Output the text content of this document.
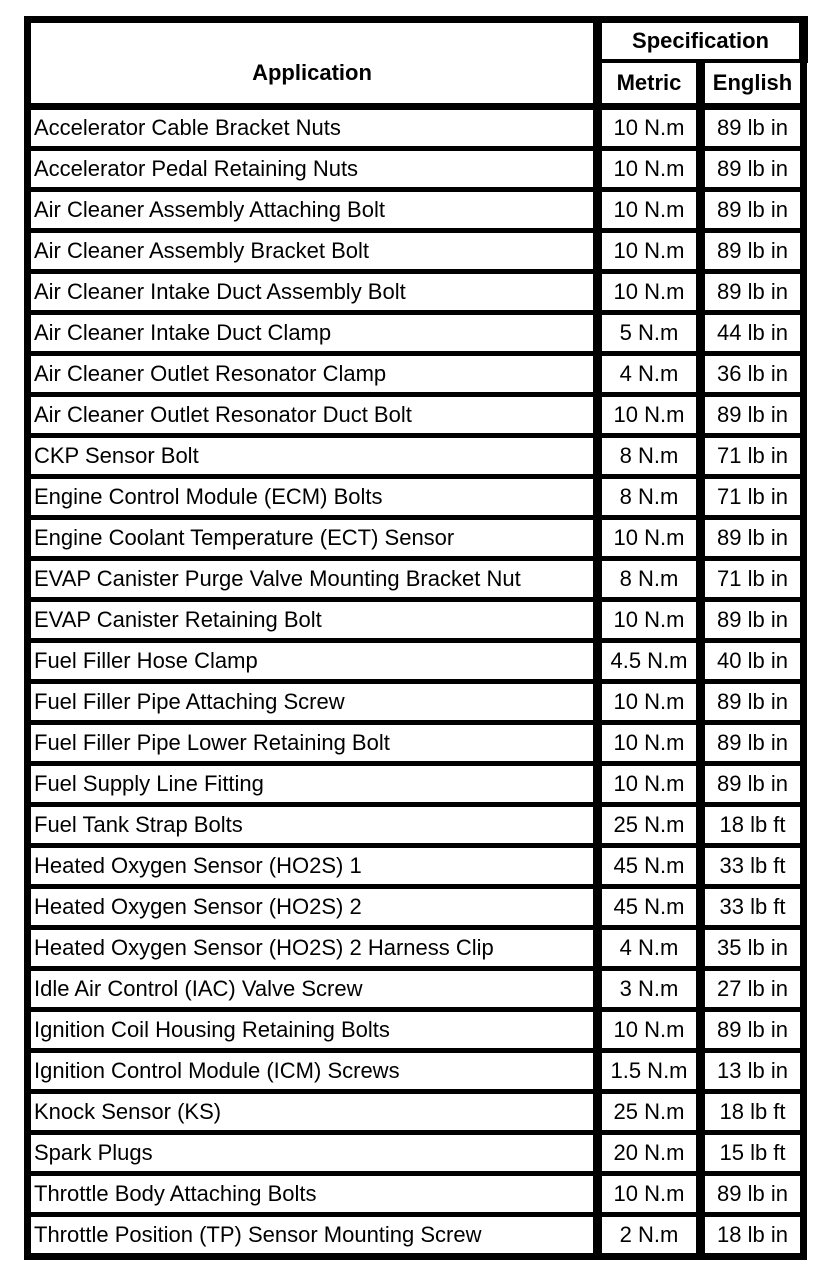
Application	Specification	
	Metric	English
Accelerator Cable Bracket Nuts	10 N.m	89 lb in
Accelerator Pedal Retaining Nuts	10 N.m	89 lb in
Air Cleaner Assembly Attaching Bolt	10 N.m	89 lb in
Air Cleaner Assembly Bracket Bolt	10 N.m	89 lb in
Air Cleaner Intake Duct Assembly Bolt	10 N.m	89 lb in
Air Cleaner Intake Duct Clamp	5 N.m	44 lb in
Air Cleaner Outlet Resonator Clamp	4 N.m	36 lb in
Air Cleaner Outlet Resonator Duct Bolt	10 N.m	89 lb in
CKP Sensor Bolt	8 N.m	71 lb in
Engine Control Module (ECM) Bolts	8 N.m	71 lb in
Engine Coolant Temperature (ECT) Sensor	10 N.m	89 lb in
EVAP Canister Purge Valve Mounting Bracket Nut	8 N.m	71 lb in
EVAP Canister Retaining Bolt	10 N.m	89 lb in
Fuel Filler Hose Clamp	4.5 N.m	40 lb in
Fuel Filler Pipe Attaching Screw	10 N.m	89 lb in
Fuel Filler Pipe Lower Retaining Bolt	10 N.m	89 lb in
Fuel Supply Line Fitting	10 N.m	89 lb in
Fuel Tank Strap Bolts	25 N.m	18 lb ft
Heated Oxygen Sensor (HO2S) 1	45 N.m	33 lb ft
Heated Oxygen Sensor (HO2S) 2	45 N.m	33 lb ft
Heated Oxygen Sensor (HO2S) 2 Harness Clip	4 N.m	35 lb in
Idle Air Control (IAC) Valve Screw	3 N.m	27 lb in
Ignition Coil Housing Retaining Bolts	10 N.m	89 lb in
Ignition Control Module (ICM) Screws	1.5 N.m	13 lb in
Knock Sensor (KS)	25 N.m	18 lb ft
Spark Plugs	20 N.m	15 lb ft
Throttle Body Attaching Bolts	10 N.m	89 lb in
Throttle Position (TP) Sensor Mounting Screw	2 N.m	18 lb in
